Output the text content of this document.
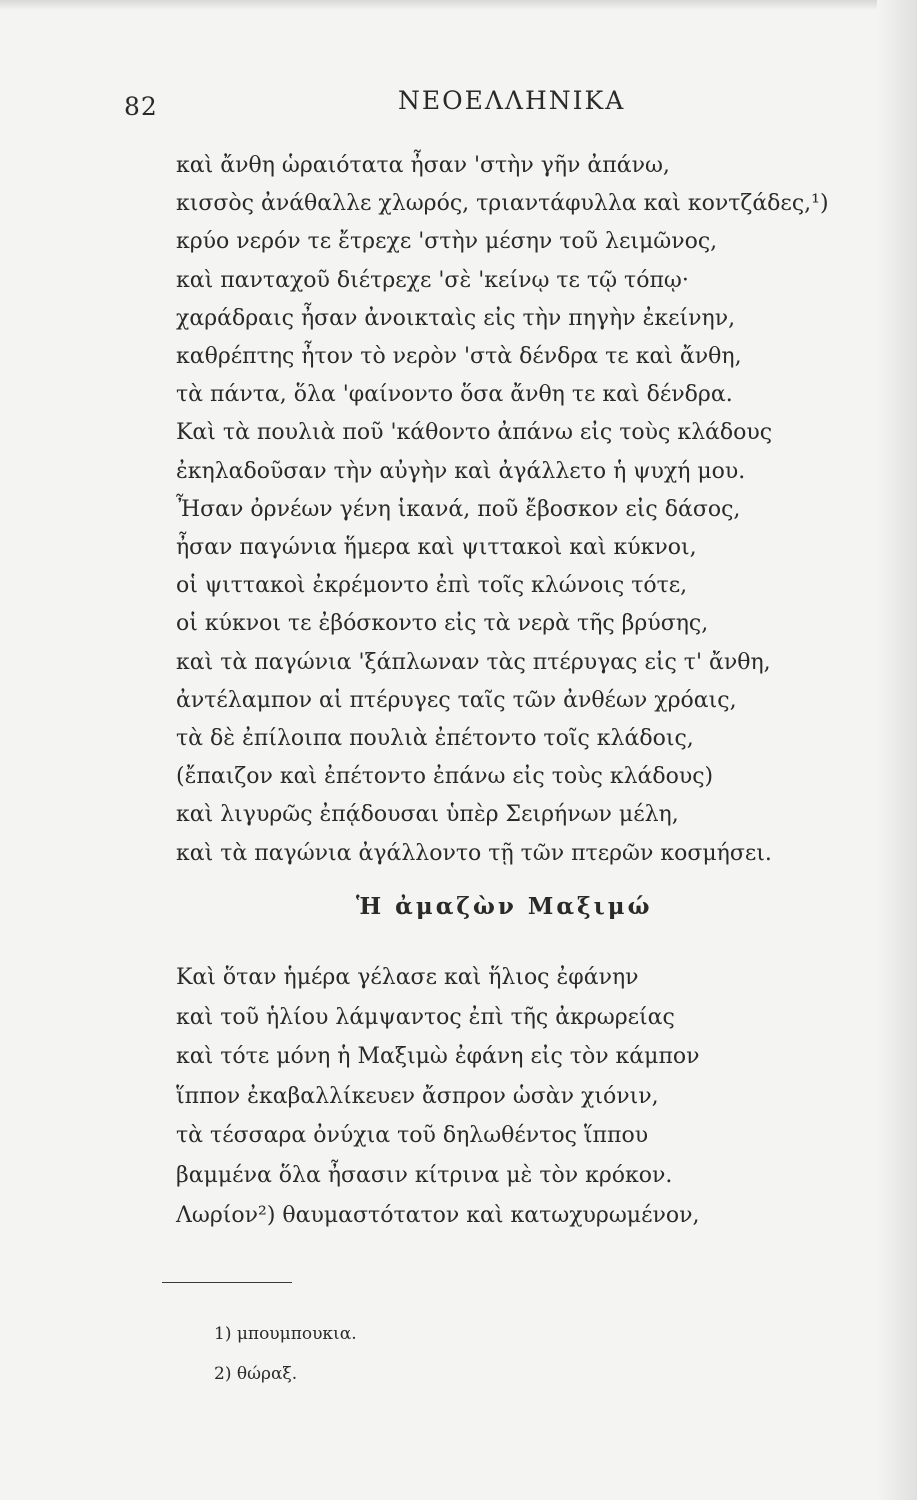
82	ΝΕΟΕΛΛΗΝΙΚΑ
καὶ ἄνθη ὡραιότατα ἦσαν 'στὴν γῆν ἀπάνω,
κισσὸς ἀνάθαλλε χλωρός, τριαντάφυλλα καὶ κοντζάδες,¹)
κρύο νερόν τε ἔτρεχε 'στὴν μέσην τοῦ λειμῶνος,
καὶ πανταχοῦ διέτρεχε 'σὲ 'κείνῳ τε τῷ τόπῳ·
χαράδραις ἦσαν ἀνοικταὶς εἰς τὴν πηγὴν ἐκείνην,
καθρέπτης ἦτον τὸ νερὸν 'στὰ δένδρα τε καὶ ἄνθη,
τὰ πάντα, ὅλα 'φαίνοντο ὅσα ἄνθη τε καὶ δένδρα.
Καὶ τὰ πουλιὰ ποῦ 'κάθοντο ἀπάνω εἰς τοὺς κλάδους
ἐκηλαδοῦσαν τὴν αὐγὴν καὶ ἀγάλλετο ἡ ψυχή μου.
Ἦσαν ὀρνέων γένη ἱκανά, ποῦ ἔβοσκον εἰς δάσος,
ἦσαν παγώνια ἥμερα καὶ ψιττακοὶ καὶ κύκνοι,
οἱ ψιττακοὶ ἐκρέμοντο ἐπὶ τοῖς κλώνοις τότε,
οἱ κύκνοι τε ἐβόσκοντο εἰς τὰ νερὰ τῆς βρύσης,
καὶ τὰ παγώνια 'ξάπλωναν τὰς πτέρυγας εἰς τ' ἄνθη,
ἀντέλαμπον αἱ πτέρυγες ταῖς τῶν ἀνθέων χρόαις,
τὰ δὲ ἐπίλοιπα πουλιὰ ἐπέτοντο τοῖς κλάδοις,
(ἔπαιζον καὶ ἐπέτοντο ἐπάνω εἰς τοὺς κλάδους)
καὶ λιγυρῶς ἐπᾴδουσαι ὑπὲρ Σειρήνων μέλη,
καὶ τὰ παγώνια ἀγάλλοντο τῇ τῶν πτερῶν κοσμήσει.
Ἡ ἀμαζὼν Μαξιμώ
Καὶ ὅταν ἡμέρα γέλασε καὶ ἥλιος ἐφάνην
καὶ τοῦ ἡλίου λάμψαντος ἐπὶ τῆς ἀκρωρείας
καὶ τότε μόνη ἡ Μαξιμὼ ἐφάνη εἰς τὸν κάμπον
ἵππον ἐκαβαλλίκευεν ἄσπρον ὡσὰν χιόνιν,
τὰ τέσσαρα ὀνύχια τοῦ δηλωθέντος ἵππου
βαμμένα ὅλα ἦσασιν κίτρινα μὲ τὸν κρόκον.
Λωρίον²) θαυμαστότατον καὶ κατωχυρωμένον,
1) μπουμπουκια.
2) θώραξ.
